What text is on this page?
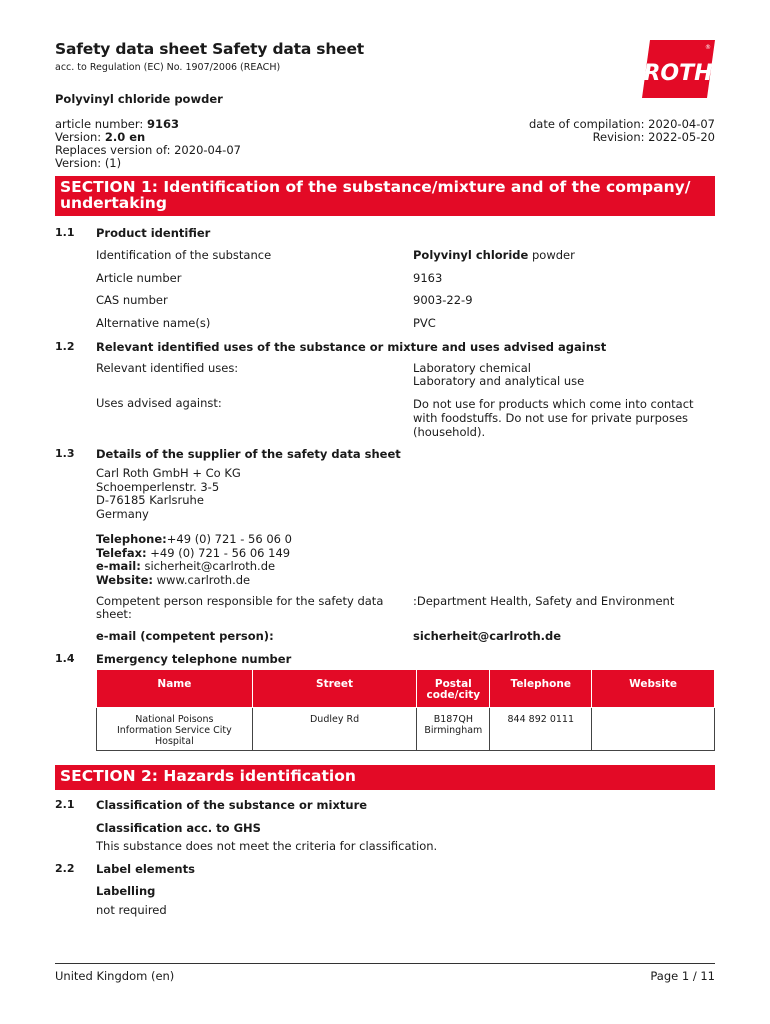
Safety data sheet Safety data sheet
acc. to Regulation (EC) No. 1907/2006 (REACH)	ROTH
®
Polyvinyl chloride powder
article number: 9163
Version: 2.0 en
Replaces version of: 2020-04-07
Version: (1)
date of compilation: 2020-04-07
Revision: 2022-05-20
SECTION 1: Identification of the substance/mixture and of the company/ undertaking
1.1 Product identifier
Identification of the substance	Polyvinyl chloride powder
Article number	9163
CAS number	9003-22-9
Alternative name(s)	PVC
1.2 Relevant identified uses of the substance or mixture and uses advised against
Relevant identified uses:	Laboratory chemical
Laboratory and analytical use
Uses advised against:	Do not use for products which come into contact
with foodstuffs. Do not use for private purposes
(household).
1.3 Details of the supplier of the safety data sheet
Carl Roth GmbH + Co KG
Schoemperlenstr. 3-5
D-76185 Karlsruhe
Germany
Telephone:+49 (0) 721 - 56 06 0
Telefax: +49 (0) 721 - 56 06 149
e-mail: sicherheit@carlroth.de
Website: www.carlroth.de
Competent person responsible for the safety data
sheet:
:Department Health, Safety and Environment
e-mail (competent person):	sicherheit@carlroth.de
1.4 Emergency telephone number
Name	Street	Postal code/city	Telephone	Website
National Poisons Information Service City Hospital	Dudley Rd	B187QH Birmingham	844 892 0111	
SECTION 2: Hazards identification
2.1 Classification of the substance or mixture
Classification acc. to GHS
This substance does not meet the criteria for classification.
2.2 Label elements
Labelling
not required
United Kingdom (en)	Page 1 / 11
